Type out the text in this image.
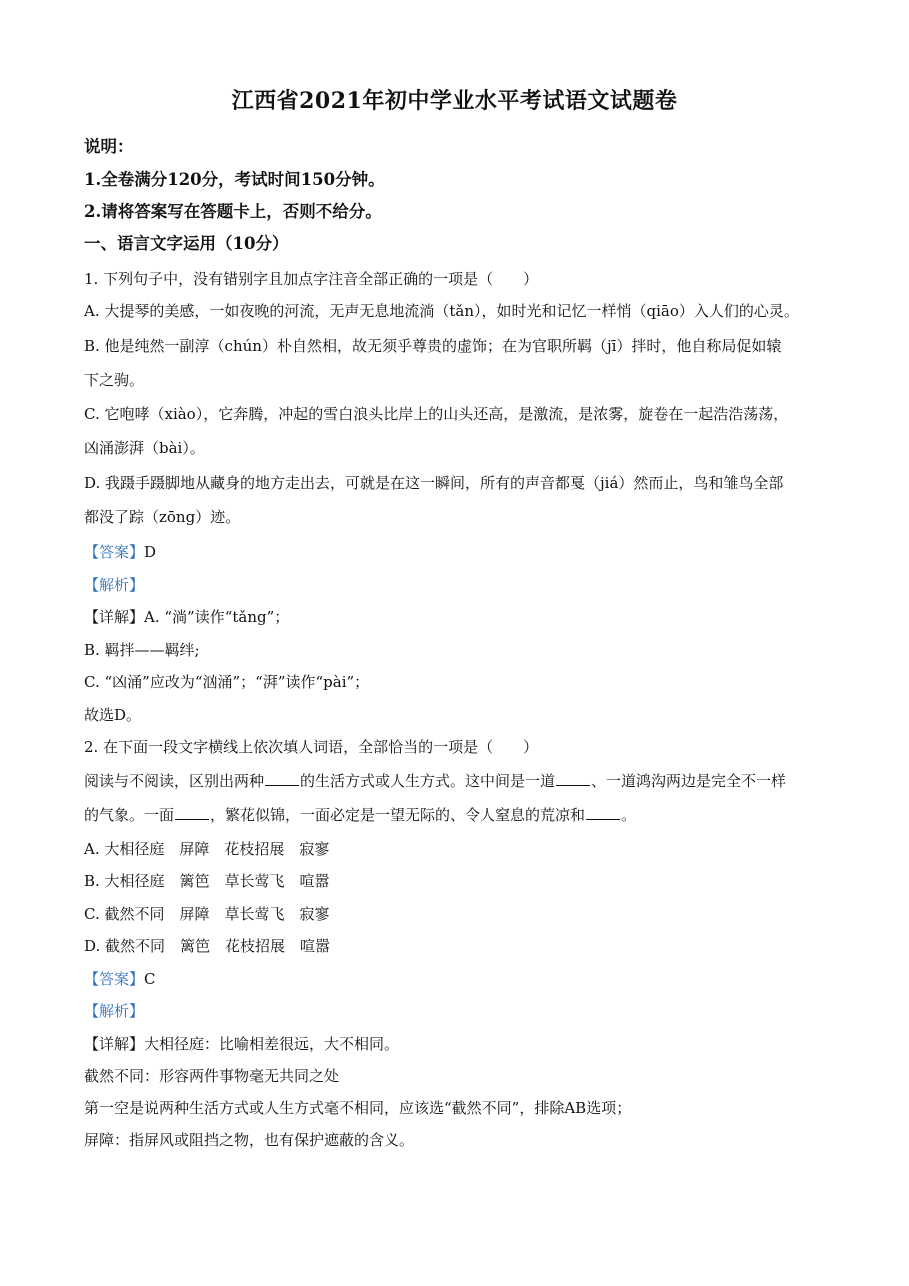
江西省2021年初中学业水平考试语文试题卷
说明：
1.全卷满分120分，考试时间150分钟。
2.请将答案写在答题卡上，否则不给分。
一、语言文字运用（10分）
1. 下列句子中，没有错别字且加点字注音全部正确的一项是（　　）
A. 大提琴的美感，一如夜晚的河流，无声无息地流淌（tǎn），如时光和记忆一样悄（qiāo）入人们的心灵。
B. 他是纯然一副淳（chún）朴自然相，故无须乎尊贵的虚饰；在为官职所羁（jī）拌时，他自称局促如辕
下之驹。
C. 它咆哮（xiào），它奔腾，冲起的雪白浪头比岸上的山头还高，是激流，是浓雾，旋卷在一起浩浩荡荡，
凶涌澎湃（bài）。
D. 我蹑手蹑脚地从藏身的地方走出去，可就是在这一瞬间，所有的声音都戛（jiá）然而止，鸟和雏鸟全部
都没了踪（zōng）迹。
【答案】D
【解析】
【详解】A. “淌”读作“tǎng”；
B. 羁拌——羁绊;
C. “凶涌”应改为“汹涌”；“湃”读作“pài”；
故选D。
2. 在下面一段文字横线上依次填人词语，全部恰当的一项是（　　）
阅读与不阅读，区别出两种 的生活方式或人生方式。这中间是一道 、一道鸿沟两边是完全不一样
的气象。一面 ，繁花似锦，一面必定是一望无际的、令人窒息的荒凉和 。
A. 大相径庭　屏障　花枝招展　寂寥
B. 大相径庭　篱笆　草长莺飞　喧嚣
C. 截然不同　屏障　草长莺飞　寂寥
D. 截然不同　篱笆　花枝招展　喧嚣
【答案】C
【解析】
【详解】大相径庭：比喻相差很远，大不相同。
截然不同：形容两件事物毫无共同之处
第一空是说两种生活方式或人生方式毫不相同，应该选“截然不同”，排除AB选项；
屏障：指屏风或阻挡之物，也有保护遮蔽的含义。
